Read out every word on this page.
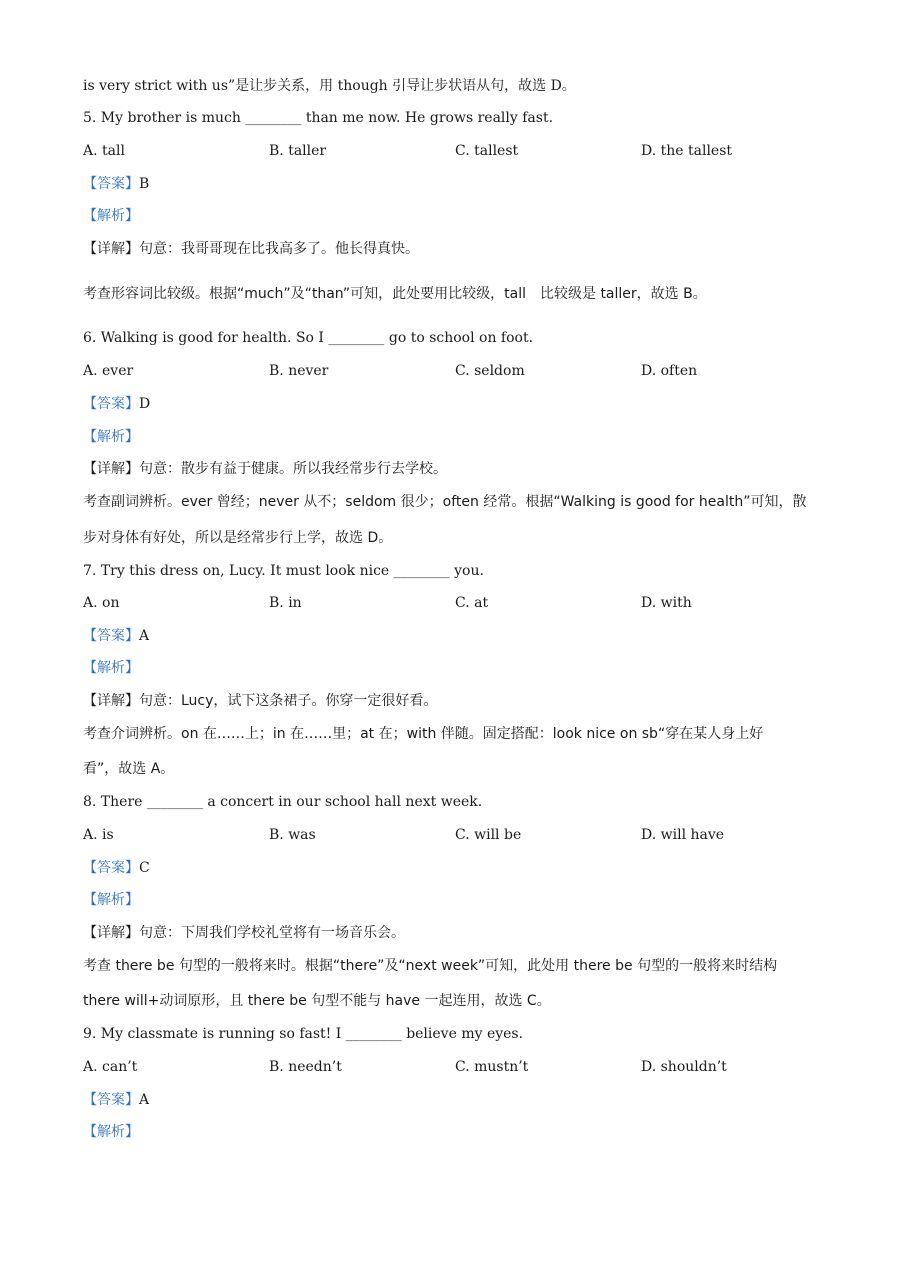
is very strict with us”是让步关系，用 though 引导让步状语从句，故选 D。
5. My brother is much ________ than me now. He grows really fast.
A. tall	B. taller	C. tallest	D. the tallest
【答案】B
【解析】
【详解】句意：我哥哥现在比我高多了。他长得真快。
考查形容词比较级。根据“much”及“than”可知，此处要用比较级，tall　比较级是 taller，故选 B。
6. Walking is good for health. So I ________ go to school on foot.
A. ever	B. never	C. seldom	D. often
【答案】D
【解析】
【详解】句意：散步有益于健康。所以我经常步行去学校。
考查副词辨析。ever 曾经；never 从不；seldom 很少；often 经常。根据“Walking is good for health”可知，散
步对身体有好处，所以是经常步行上学，故选 D。
7. Try this dress on, Lucy. It must look nice ________ you.
A. on	B. in	C. at	D. with
【答案】A
【解析】
【详解】句意：Lucy，试下这条裙子。你穿一定很好看。
考查介词辨析。on 在……上；in 在……里；at 在；with 伴随。固定搭配：look nice on sb“穿在某人身上好
看”，故选 A。
8. There ________ a concert in our school hall next week.
A. is	B. was	C. will be	D. will have
【答案】C
【解析】
【详解】句意：下周我们学校礼堂将有一场音乐会。
考查 there be 句型的一般将来时。根据“there”及“next week”可知，此处用 there be 句型的一般将来时结构
there will+动词原形，且 there be 句型不能与 have 一起连用，故选 C。
9. My classmate is running so fast! I ________ believe my eyes.
A. can’t	B. needn’t	C. mustn’t	D. shouldn’t
【答案】A
【解析】
